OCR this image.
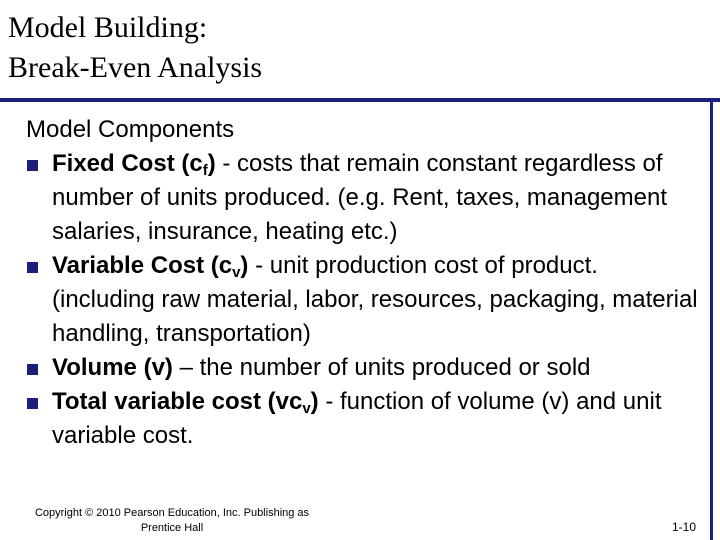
Model Building:
Break-Even Analysis
Model Components
Fixed Cost $(c_f)$ - costs that remain constant regardless of number of units produced. (e.g. Rent, taxes, management salaries, insurance, heating etc.)
Variable Cost $(c_v)$ - unit production cost of product. (including raw material, labor, resources, packaging, material handling, transportation)
Volume (v) – the number of units produced or sold
Total variable cost $(vc_v)$ - function of volume (v) and unit variable cost.
Copyright © 2010 Pearson Education, Inc. Publishing as
Prentice Hall	1-10
